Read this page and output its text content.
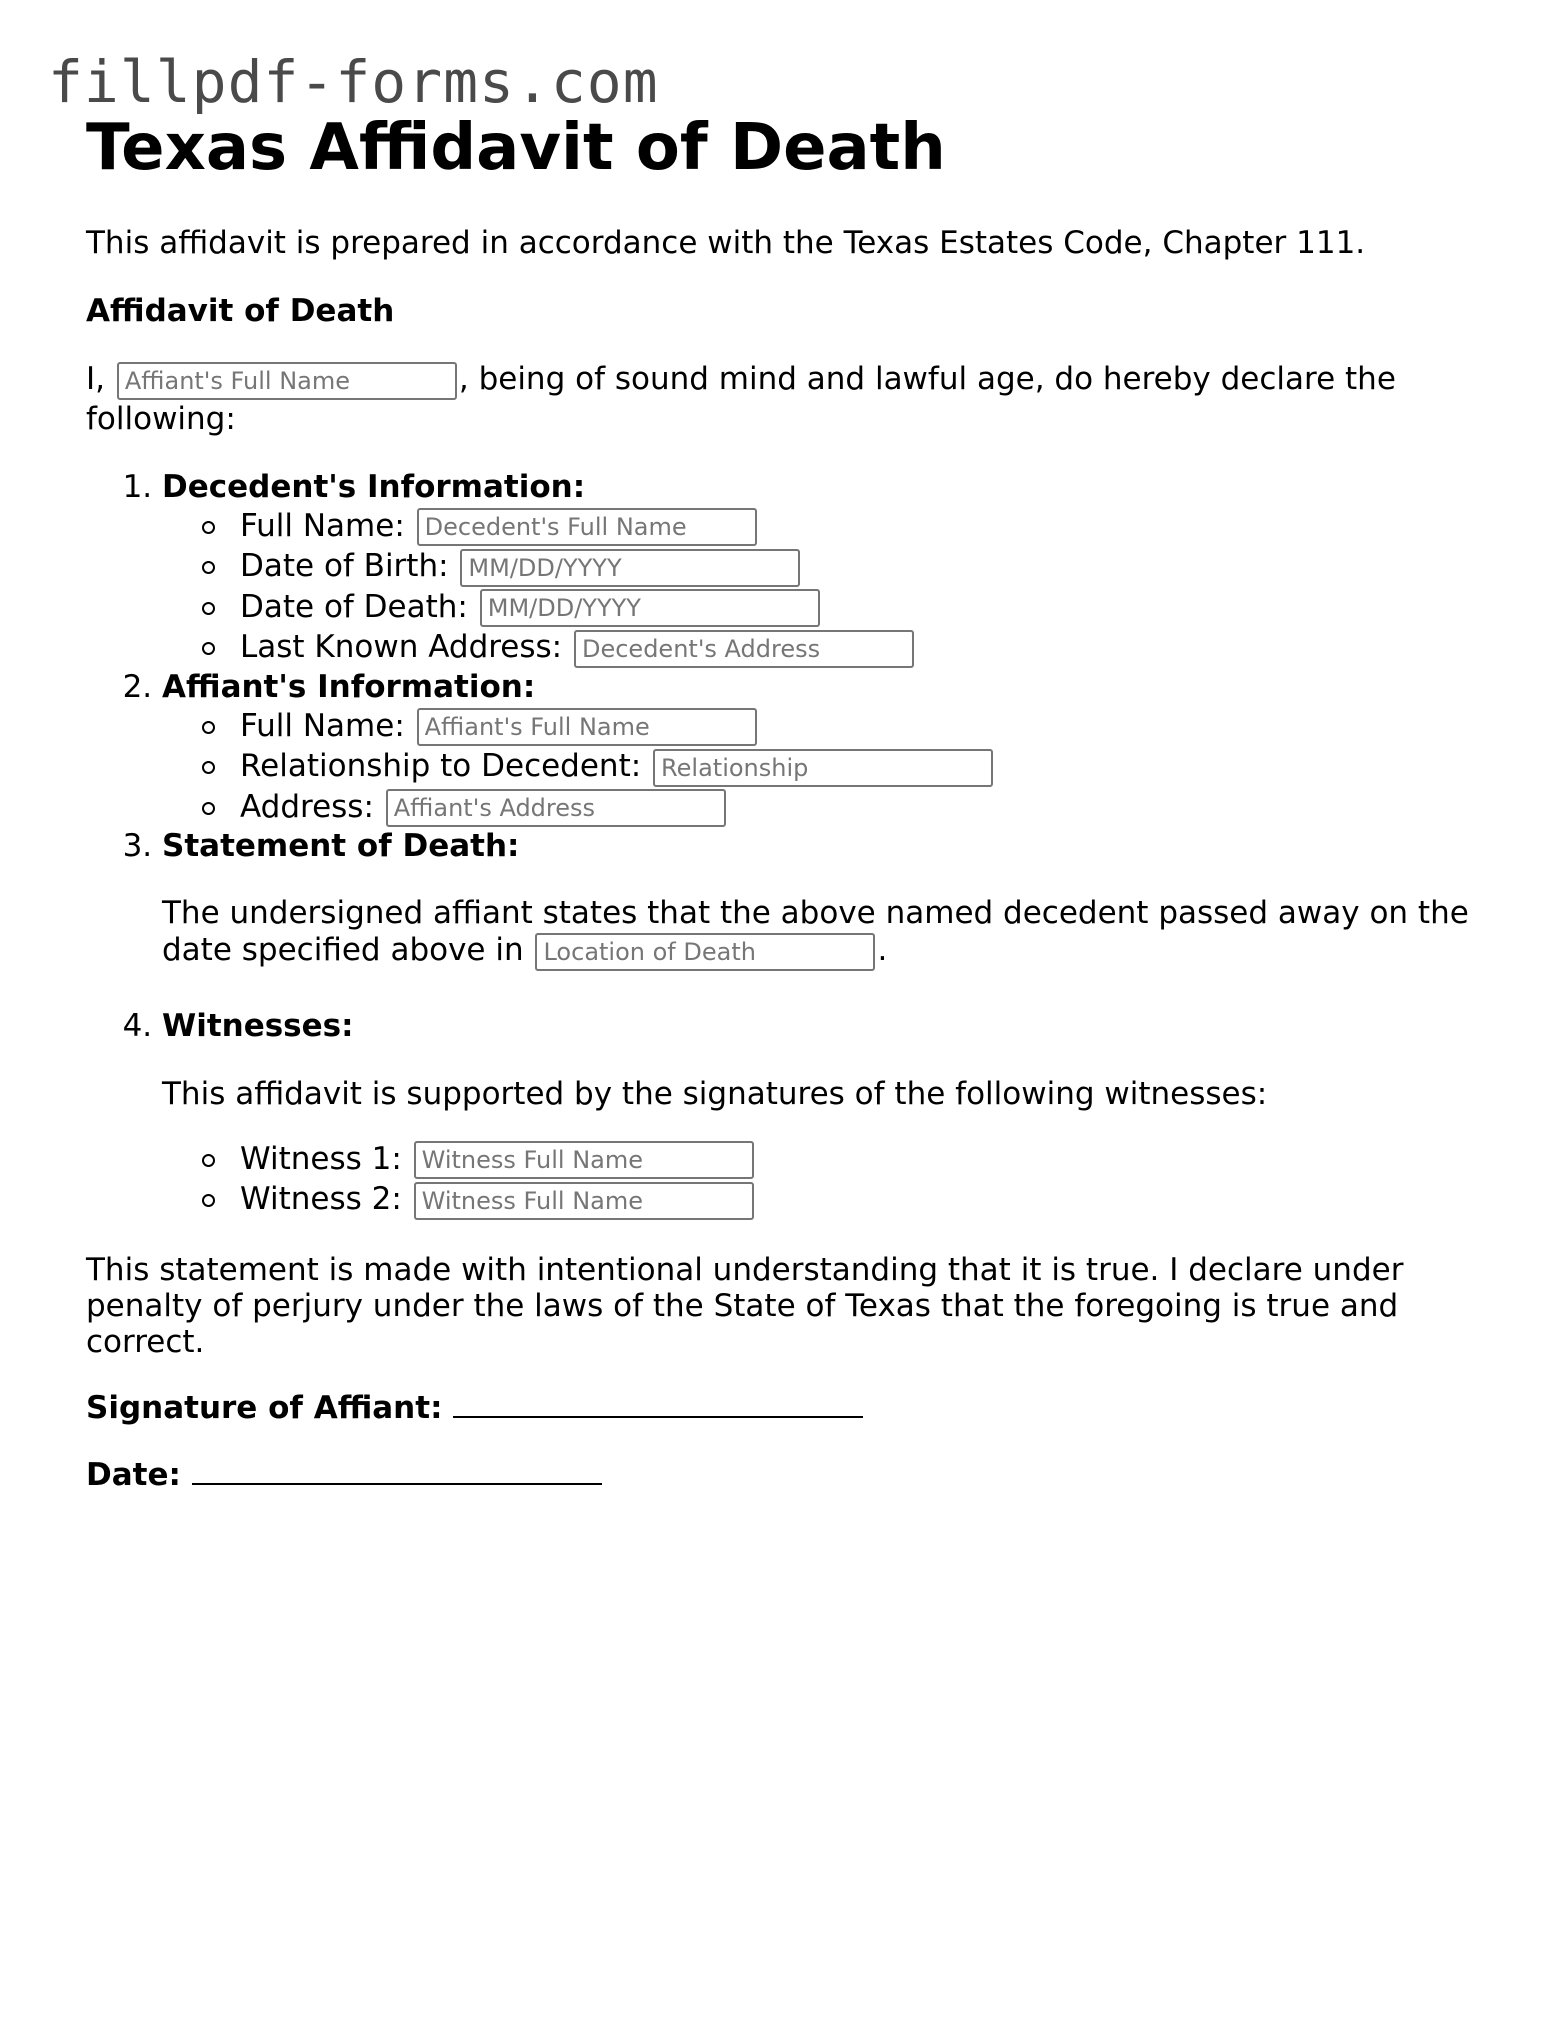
fillpdf-forms.com
Texas Affidavit of Death

This affidavit is prepared in accordance with the Texas Estates Code, Chapter 111.

Affidavit of Death

I, Affiant's Full Name	, being of sound mind and lawful age, do hereby declare the following:

1. Decedent's Information:
Full Name: Decedent's Full Name
Date of Birth: MM/DD/YYYY
Date of Death: MM/DD/YYYY
Last Known Address: Decedent's Address
2. Affiant's Information:
Full Name: Affiant's Full Name
Relationship to Decedent: Relationship
Address: Affiant's Address
3. Statement of Death:

The undersigned affiant states that the above named decedent passed away on the date specified above in Location of Death	.

4. Witnesses:

This affidavit is supported by the signatures of the following witnesses:

Witness 1: Witness Full Name
Witness 2: Witness Full Name

This statement is made with intentional understanding that it is true. I declare under penalty of perjury under the laws of the State of Texas that the foregoing is true and correct.

Signature of Affiant:

Date:
